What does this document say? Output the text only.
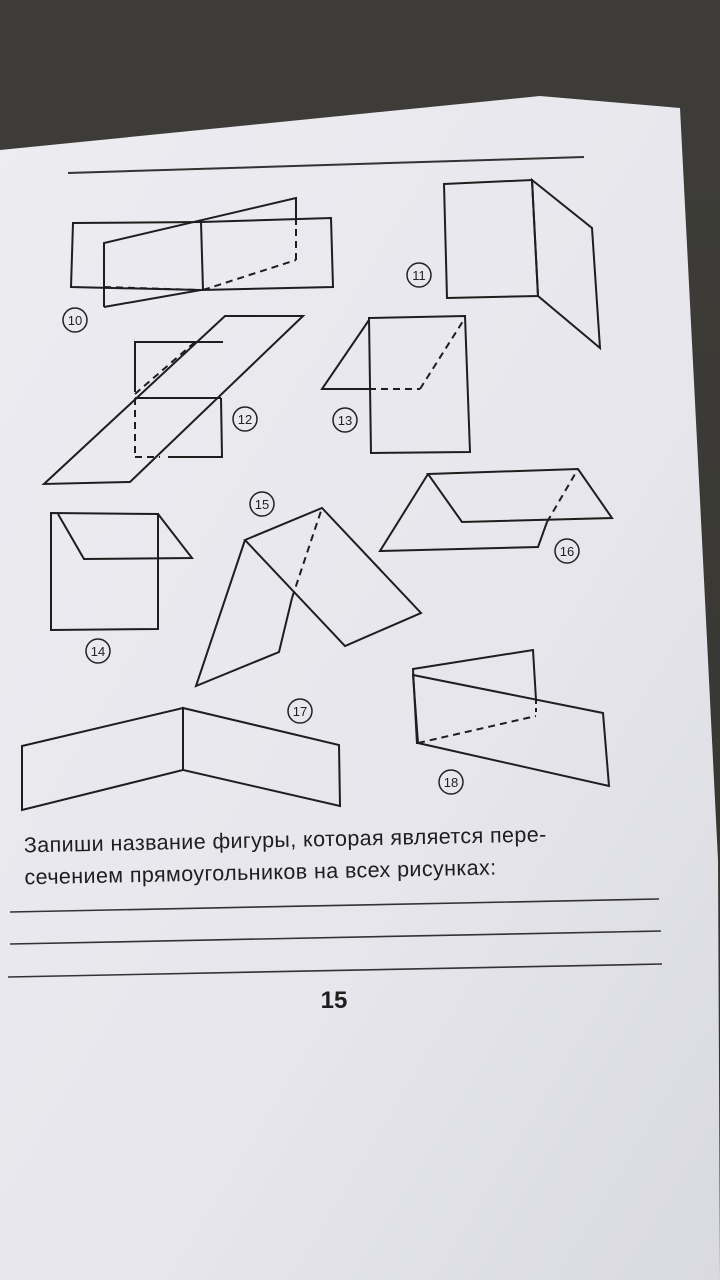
10
11
12	13
14
15
16
17
18
Запиши название фигуры, которая является пере-
сечением прямоугольников на всех рисунках:
15
